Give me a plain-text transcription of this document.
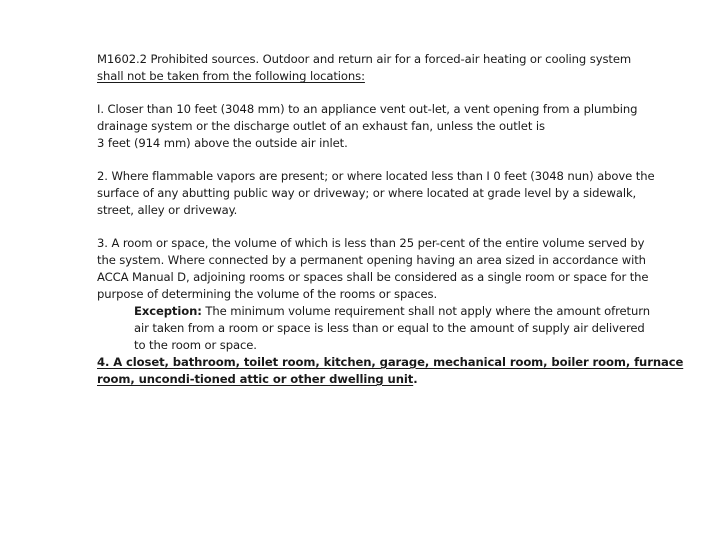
M1602.2 Prohibited sources. Outdoor and return air for a forced-air heating or cooling system
shall not be taken from the following locations:
I. Closer than 10 feet (3048 mm) to an appliance vent out-let, a vent opening from a plumbing
drainage system or the discharge outlet of an exhaust fan, unless the outlet is
3 feet (914 mm) above the outside air inlet.
2. Where flammable vapors are present; or where located less than I 0 feet (3048 nun) above the
surface of any abutting public way or driveway; or where located at grade level by a sidewalk,
street, alley or driveway.
3. A room or space, the volume of which is less than 25 per-cent of the entire volume served by
the system. Where connected by a permanent opening having an area sized in accordance with
ACCA Manual D, adjoining rooms or spaces shall be considered as a single room or space for the
purpose of determining the volume of the rooms or spaces.
Exception: The minimum volume requirement shall not apply where the amount ofreturn
air taken from a room or space is less than or equal to the amount of supply air delivered
to the room or space.
4. A closet, bathroom, toilet room, kitchen, garage, mechanical room, boiler room, furnace
room, uncondi-tioned attic or other dwelling unit.
